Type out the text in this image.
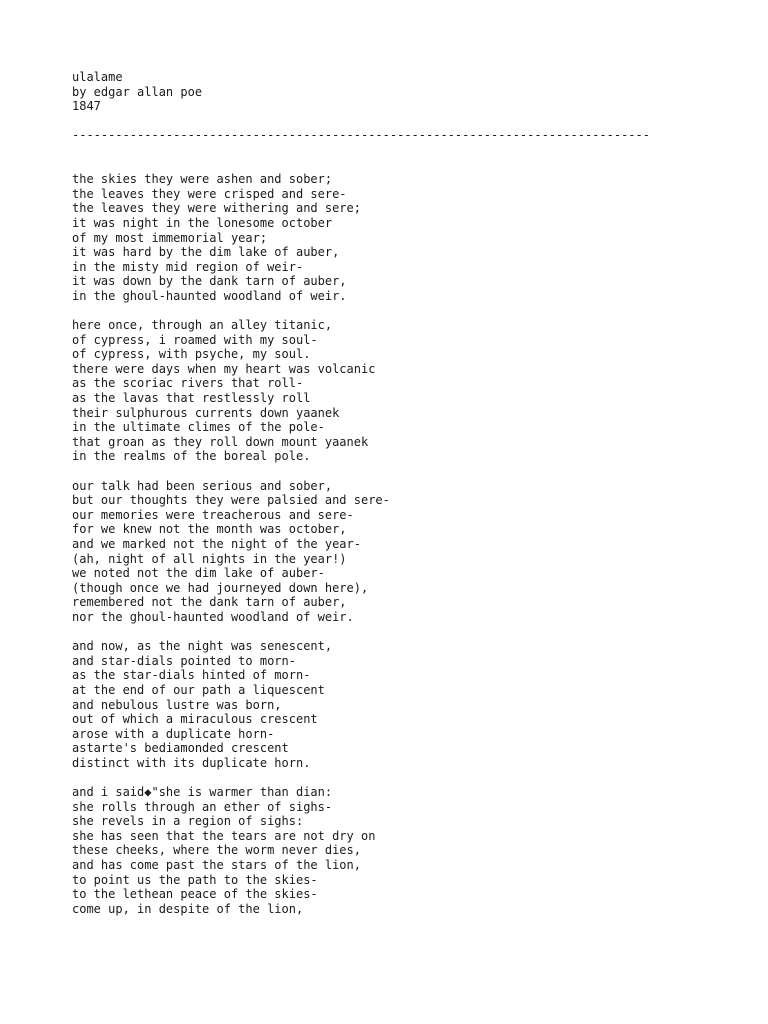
ulalame
by edgar allan poe
1847
--------------------------------------------------------------------------------
the skies they were ashen and sober;
the leaves they were crisped and sere-
the leaves they were withering and sere;
it was night in the lonesome october
of my most immemorial year;
it was hard by the dim lake of auber,
in the misty mid region of weir-
it was down by the dank tarn of auber,
in the ghoul-haunted woodland of weir.
here once, through an alley titanic,
of cypress, i roamed with my soul-
of cypress, with psyche, my soul.
there were days when my heart was volcanic
as the scoriac rivers that roll-
as the lavas that restlessly roll
their sulphurous currents down yaanek
in the ultimate climes of the pole-
that groan as they roll down mount yaanek
in the realms of the boreal pole.
our talk had been serious and sober,
but our thoughts they were palsied and sere-
our memories were treacherous and sere-
for we knew not the month was october,
and we marked not the night of the year-
(ah, night of all nights in the year!)
we noted not the dim lake of auber-
(though once we had journeyed down here),
remembered not the dank tarn of auber,
nor the ghoul-haunted woodland of weir.
and now, as the night was senescent,
and star-dials pointed to morn-
as the star-dials hinted of morn-
at the end of our path a liquescent
and nebulous lustre was born,
out of which a miraculous crescent
arose with a duplicate horn-
astarte's bediamonded crescent
distinct with its duplicate horn.
and i said◆"she is warmer than dian:
she rolls through an ether of sighs-
she revels in a region of sighs:
she has seen that the tears are not dry on
these cheeks, where the worm never dies,
and has come past the stars of the lion,
to point us the path to the skies-
to the lethean peace of the skies-
come up, in despite of the lion,
